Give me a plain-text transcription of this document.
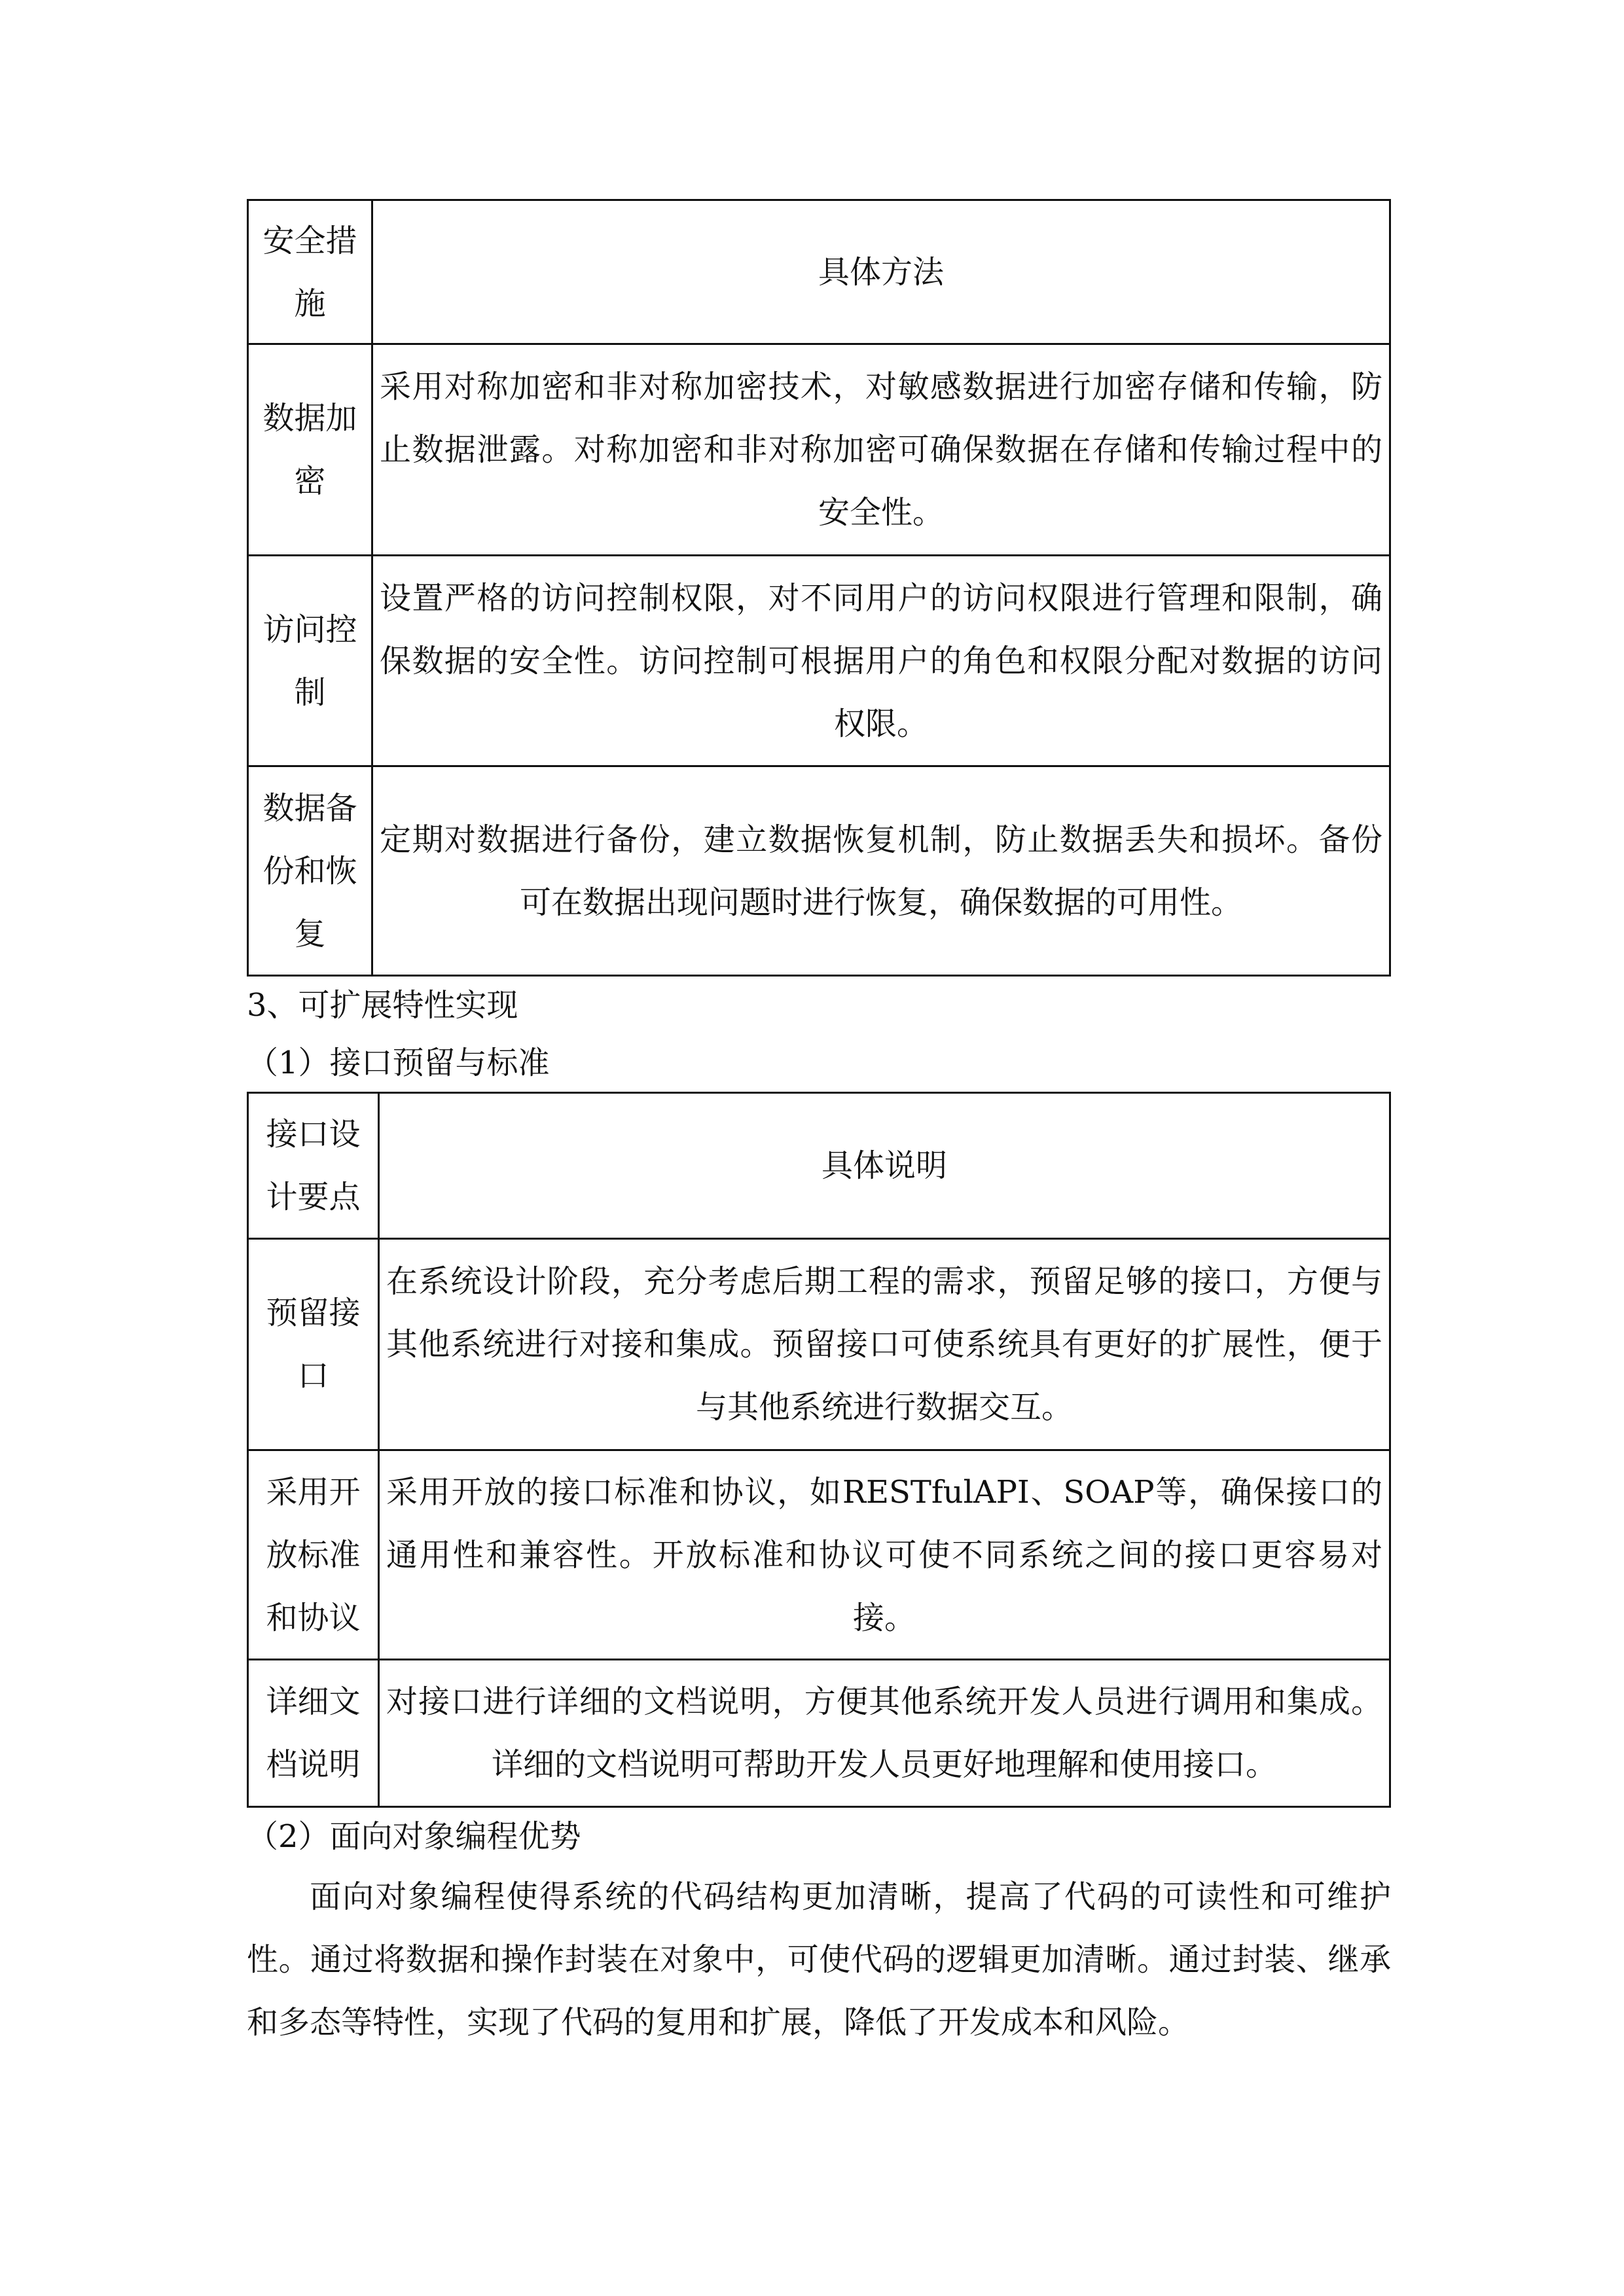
安全措施	具体方法
数据加密	采用对称加密和非对称加密技术，对敏感数据进行加密存储和传输，防止数据泄露。对称加密和非对称加密可确保数据在存储和传输过程中的安全性。
访问控制	设置严格的访问控制权限，对不同用户的访问权限进行管理和限制，确保数据的安全性。访问控制可根据用户的角色和权限分配对数据的访问权限。
数据备份和恢复	定期对数据进行备份，建立数据恢复机制，防止数据丢失和损坏。备份可在数据出现问题时进行恢复，确保数据的可用性。
3、可扩展特性实现
（1）接口预留与标准
接口设计要点	具体说明
预留接口	在系统设计阶段，充分考虑后期工程的需求，预留足够的接口，方便与其他系统进行对接和集成。预留接口可使系统具有更好的扩展性，便于与其他系统进行数据交互。
采用开放标准和协议	采用开放的接口标准和协议，如RESTfulAPI、SOAP等，确保接口的通用性和兼容性。开放标准和协议可使不同系统之间的接口更容易对接。
详细文档说明	对接口进行详细的文档说明，方便其他系统开发人员进行调用和集成。详细的文档说明可帮助开发人员更好地理解和使用接口。
（2）面向对象编程优势
面向对象编程使得系统的代码结构更加清晰，提高了代码的可读性和可维护性。通过将数据和操作封装在对象中，可使代码的逻辑更加清晰。通过封装、继承和多态等特性，实现了代码的复用和扩展，降低了开发成本和风险。
